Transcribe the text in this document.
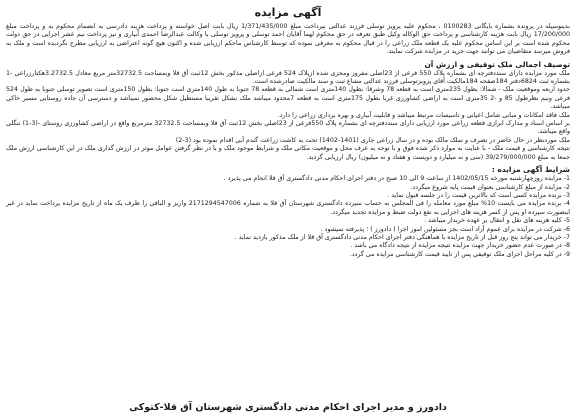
آگهی مزایده

بدینوسیله در پرونده بشماره بایگانی 0100283 ، محکوم علیه پرویز توسلی فرزند عدالتی بپرداخت مبلغ 1/371/435/000 ریال بابت اصل خواسته و پرداخت هزینه دادرسی به انضمام محکوم به و پرداخت مبلغ 17/200/000 ریال بابت هزینه کارشناسی و پرداخت حق الوکاله وکیل طبق تعرفه در حق محکوم لهما آقایان احمد توسلی و پرویز توسلی با وکالت عبدالرضا احمدی آبیاری و نیز پرداخت نیم عشر اجرایی در حق دولت محکوم شده است بر این اساس محکوم علیه یک قطعه ملک زراعی را در قبال محکوم به معرفی نموده که توسط کارشناس ماحکم ارزیابی شده و اکنون هیچ گونه اعتراضی به ارزیابی مطرح نگردیده است و ملک به فروش میرسد متقاضیان می توانند جهت خرید در مزایده شرکت نمایند.

توصیف اجمالی ملک توقیفی و ارزش آن

ملک مورد مزایده دارای سنددفترچه ای بشماره پلاک 550 فرعی از 23اصلی مفروز ومجزی شده ازپلاک 524 فرعی ازاصلی مذکور بخش 12ثبت آق قلا وبمساحت 32732.5متر مربع معادل 3.2732.5هکتارزراعی -1 بشماره ثبت 6824دفتر 184صفحه 184مالکیت آقای پرویزتوسلی فرزند عدالتی مشاع ثبت و سند مالکیت صادرشده است.

حدود اربعه وموقعیت ملک - شمالا: بطول 235متری است به قطعه 78 وشرقا: بطول 140متری است شمالی به قطعه 78 جنوبا به طول 140متری است جنوبا: بطول 150متری است تصویر توسلی جنوبا به طول 524 فرعی ونیم نظرطول 85 و -2 35متری است به اراضی کشاورزی غربا بطول 175متری است به قطعه 7محدود میباشد ملک بشکل تقریبا مستطیل شکل محصور نمیباشد و دسترسی آن جاده روستایی مسیر خاکی میباشد.

ملک فاقد امکانات و مبانی شامل اعیانی و تاسیسات مرتبط میباشد و قابلیت آبیاری و بهره برداری زراعی را دارد.

بر اساس اسناد و مدارک ابرازی قطعه زراعی مورد ارزیابی دارای سنددفترچه ای بشماره پلاک 550فرعی از 23اصلی بخش 12ثبت آق قلا وبمساحت 32732.5 مترمربع واقع در اراضی کشاورزی روستای -(3-1) تنگلی واقع میباشد.

ملک موردنظر در حال حاضر در تصرف و تملک مالک بوده و در سال زراعی جاری (1401-1402) تحت به کاشت زراعت گندم آبی اقدام نموده بود.(3-2)

نتیجه کارشناسی و قیمت ملک - با عنایت به موارد ذکر شده فوق و با توجه به عرف محل و موقعیت مکانی ملک و شرایط موجود ملک و با در نظر گرفتن عوامل موثر در ارزش گذاری ملک در این کارشناسی ارزش ملک جمعا به مبلغ 39/279/000/000 (سی و نه میلیارد و دویست و هفتاد و نه میلیون) ریال ارزیابی گردید.

شرایط آگهی مزایده :

1- مزایده روزچهارشنبه مورخه 1402/05/15 از ساعت 9 الی 10 صبح در دفتر اجرای احکام مدنی دادگستری آق قلا انجام می پذیرد .

2- مزایده از مبلغ کارشناسی بعنوان قیمت پایه شروع میگردد.

3- برنده مزایده کسی است که بالاترین قیمت را در جلسه قبول نماید .

4- برنده مزایده می بایست 10% مبلغ مورد معامله را فی المجلس به حساب سپرده دادگستری شهرستان آق قلا به شماره 2171294547006 واریز و الباقی را ظرف یک ماه از تاریخ مزایده پرداخت نماید در غیر اینصورت سپرده او پس از کسر هزینه های اجرایی به نفع دولت ضبط و مزایده تجدید میگردد.

5- کلیه هزینه های نقل و انتقال بر عهده خریدار میباشد .

6- شرکت در مزایده برای عموم آزاد است بجز مسئولین امور اجرا ( دادورز ) ؛ پذیرفته نمیشود .

7- خریدار می تواند پنج روز قبل از تاریخ مزایده با هماهنگی دفتر اجرای احکام مدنی دادگستری آق قلا از ملک مذکور بازدید نماید .

8- در صورت عدم حضور خریدار جهت مزایده نتیجه مزایده از نتیجه دادگاه می باشد .

9- در کلیه مراحل اجرای ملک توقیفی پس از تایید قیمت کارشناسی مزایده می گردد.

دادورز و مدیر اجرای احکام مدنی دادگستری شهرستان آق قلا-کتوکی
